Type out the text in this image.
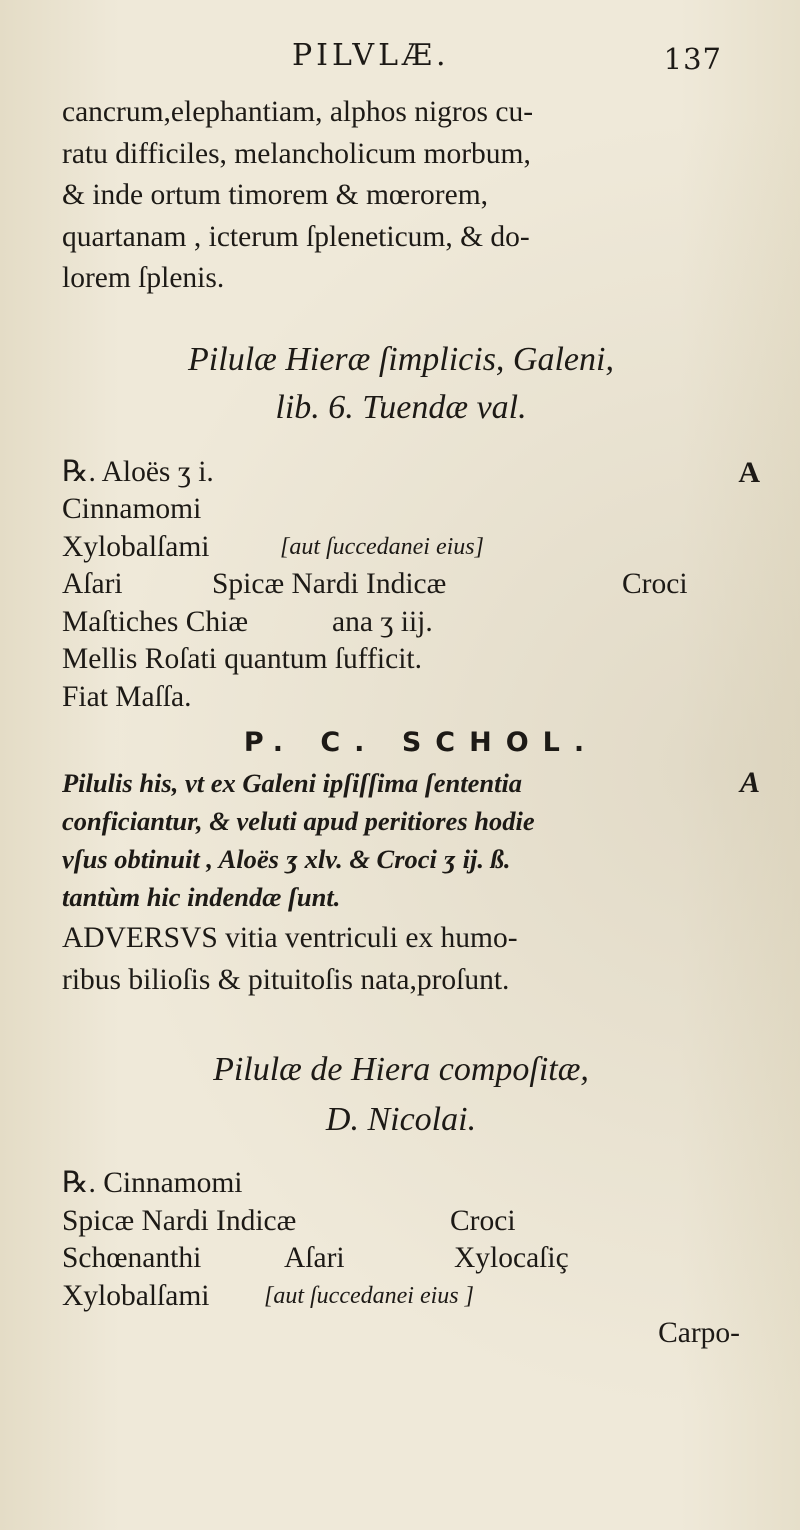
PILVLÆ.	137

cancrum,elephantiam, alphos nigros cu-

ratu difficiles, melancholicum morbum,

& inde ortum timorem & mœrorem,

quartanam , icterum ſpleneticum, & do-

lorem ſplenis.

Pilulæ Hieræ ſimplicis, Galeni,

lib. 6. Tuendæ val.

℞. Aloës ʒ i.	A
Cinnamomi
Xylobalſami	[aut ſuccedanei eius]
Aſari	Spicæ Nardi Indicæ	Croci
Maſtiches Chiæ	ana ʒ iij.
Mellis Roſati quantum ſufficit.
Fiat Maſſa.
P. C. SCHOL.
Pilulis his, vt ex Galeni ipſiſſima ſententia	A
conficiantur, & veluti apud peritiores hodie
vſus obtinuit , Aloës ʒ xlv. & Croci ʒ ij. ß.
tantùm hic indendæ ſunt.

ADVERSVS vitia ventriculi ex humo-

ribus bilioſis & pituitoſis nata,proſunt.

Pilulæ de Hiera compoſitæ,

D. Nicolai.

℞. Cinnamomi
Spicæ Nardi Indicæ	Croci
Schœnanthi	Aſari	Xylocaſiç
Xylobalſami [aut ſuccedanei eius ]
Carpo-
